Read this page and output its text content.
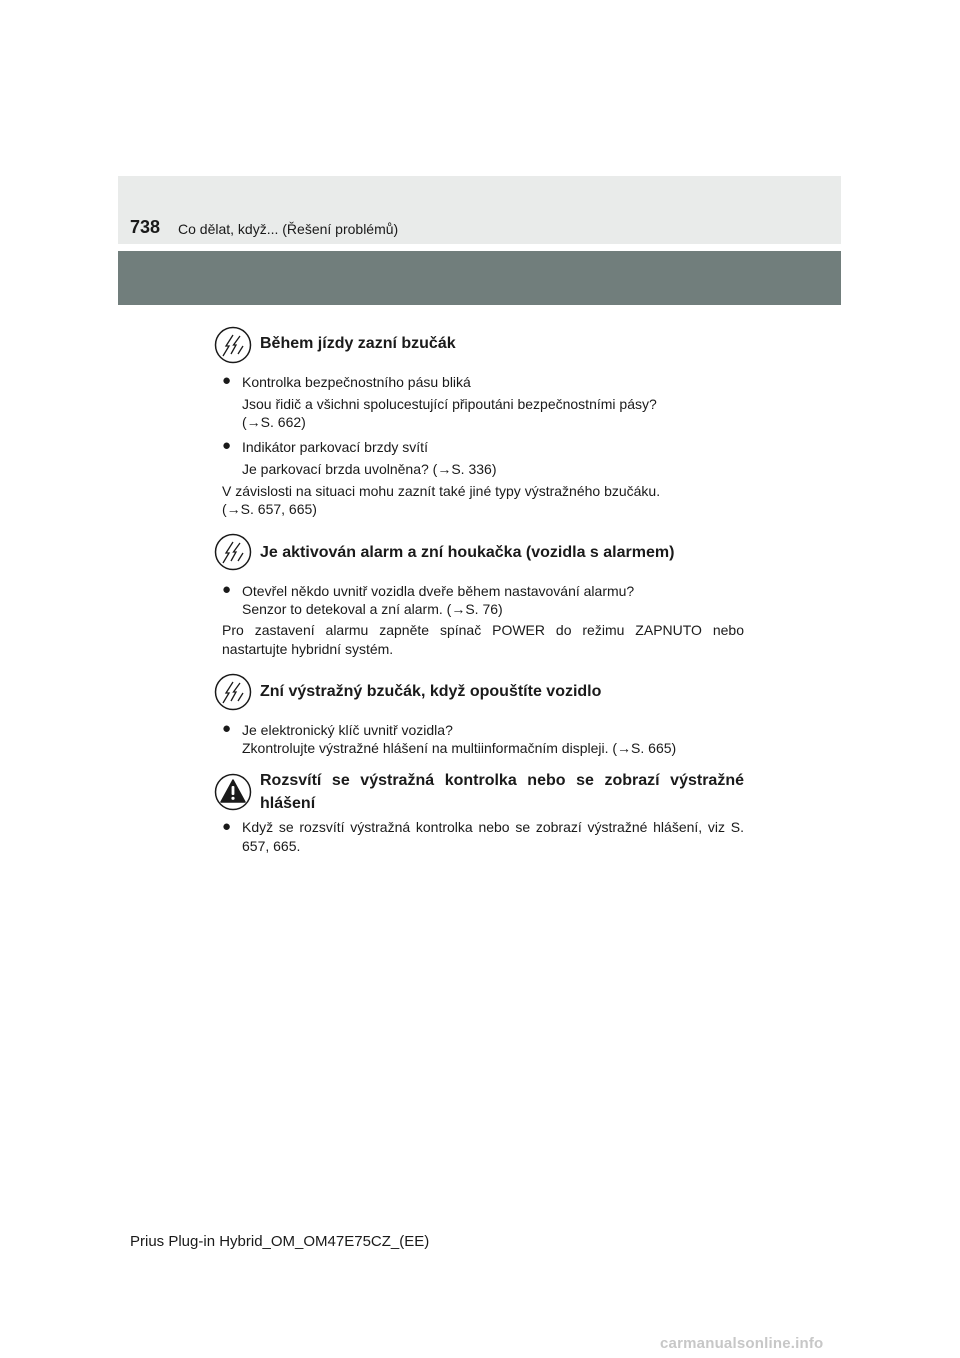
738 Co dělat, když... (Řešení problémů)
Během jízdy zazní bzučák
● Kontrolka bezpečnostního pásu bliká
Jsou řidič a všichni spolucestující připoutáni bezpečnostními pásy?
(→S. 662)
● Indikátor parkovací brzdy svítí
Je parkovací brzda uvolněna? (→S. 336)
V závislosti na situaci mohu zaznít také jiné typy výstražného bzučáku.
(→S. 657, 665)
Je aktivován alarm a zní houkačka (vozidla s alarmem)
● Otevřel někdo uvnitř vozidla dveře během nastavování alarmu?
Senzor to detekoval a zní alarm. (→S. 76)
Pro zastavení alarmu zapněte spínač POWER do režimu ZAPNUTO nebo nastartujte hybridní systém.
Zní výstražný bzučák, když opouštíte vozidlo
● Je elektronický klíč uvnitř vozidla?
Zkontrolujte výstražné hlášení na multiinformačním displeji. (→S. 665)
Rozsvítí se výstražná kontrolka nebo se zobrazí výstražné
hlášení
● Když se rozsvítí výstražná kontrolka nebo se zobrazí výstražné hlášení, viz S. 657, 665.
Prius Plug-in Hybrid_OM_OM47E75CZ_(EE)
carmanualsonline.info
